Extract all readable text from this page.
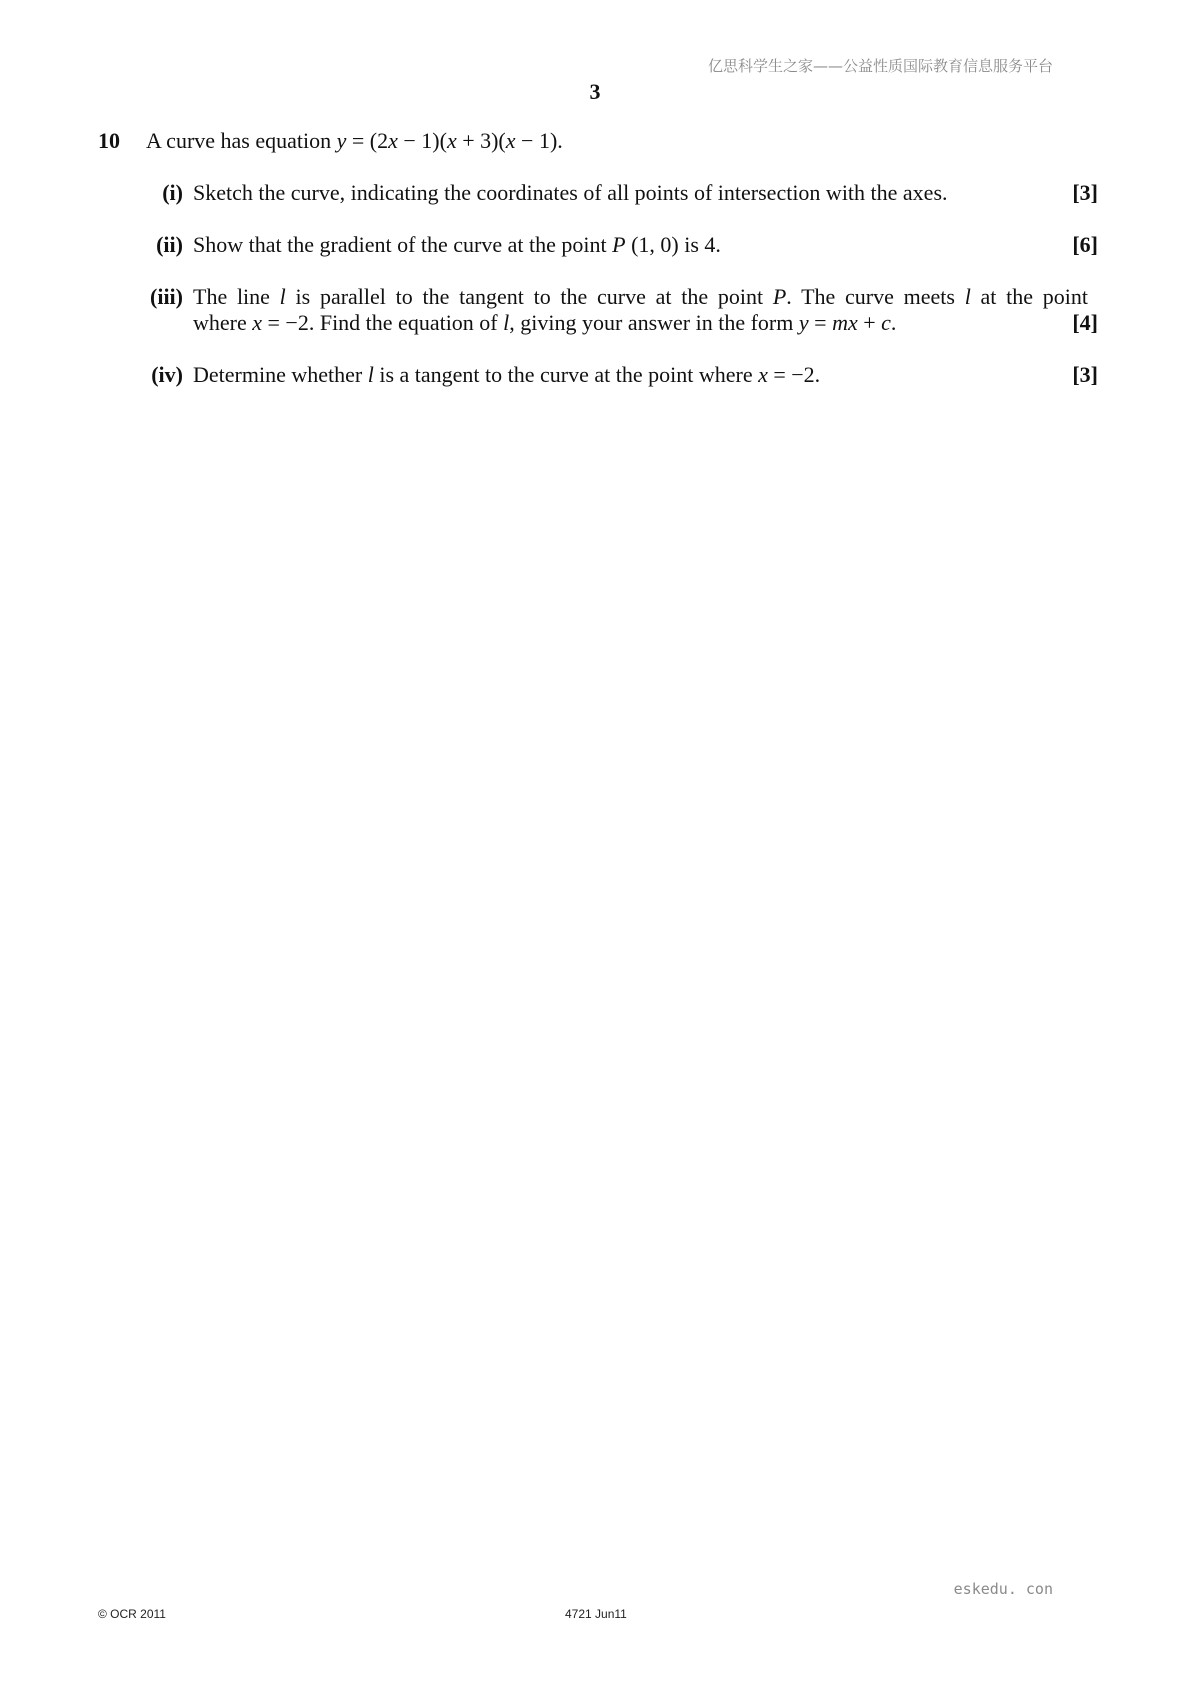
亿思科学生之家——公益性质国际教育信息服务平台
3
10	A curve has equation y = (2x − 1)(x + 3)(x − 1).
(i) Sketch the curve, indicating the coordinates of all points of intersection with the axes.	[3]
(ii) Show that the gradient of the curve at the point P (1, 0) is 4.	[6]
(iii) The line l is parallel to the tangent to the curve at the point P. The curve meets l at the point
where x = −2. Find the equation of l, giving your answer in the form y = mx + c.	[4]
(iv) Determine whether l is a tangent to the curve at the point where x = −2.	[3]
eskedu. con
© OCR 2011	4721 Jun11
